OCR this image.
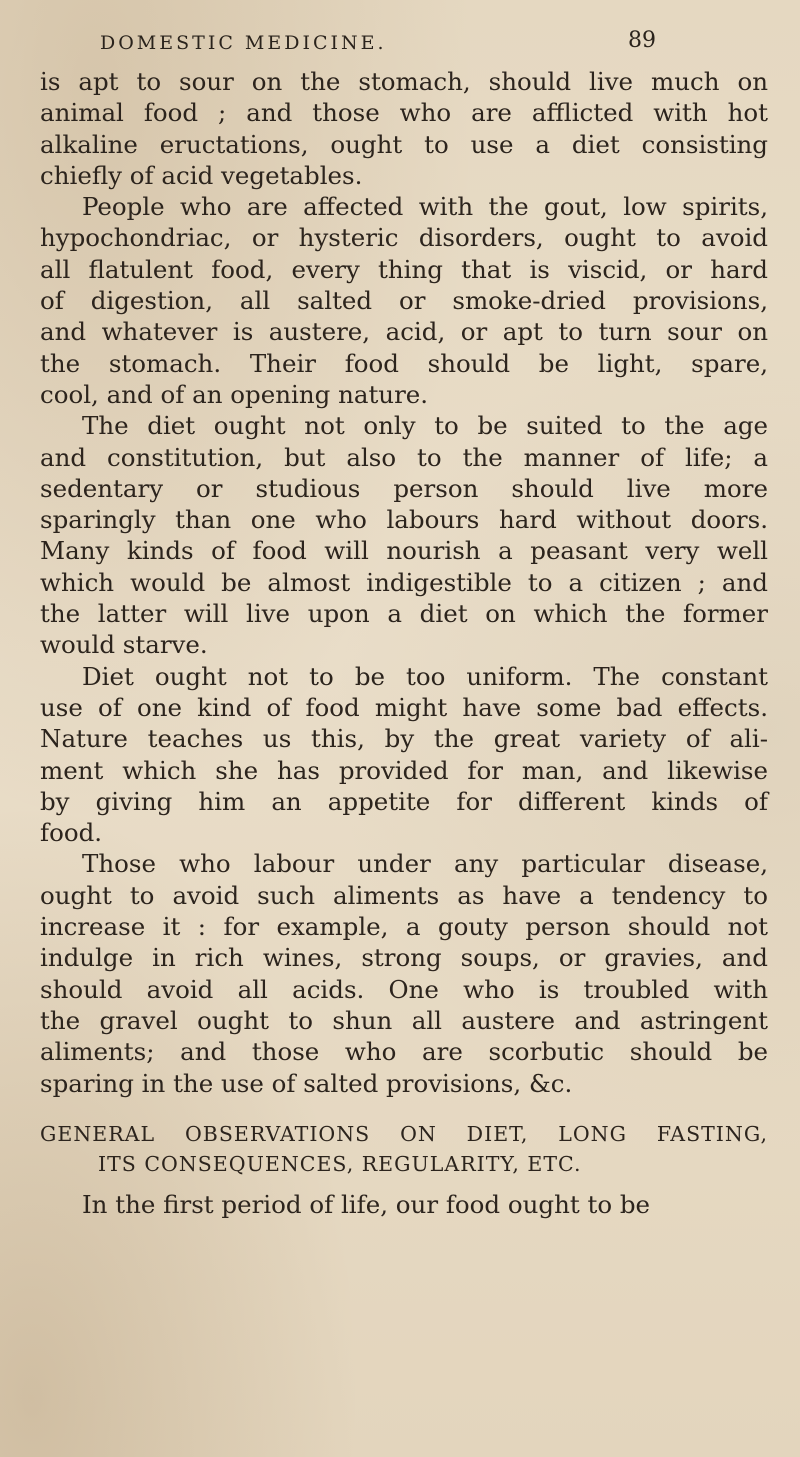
DOMESTIC MEDICINE.	89
is apt to sour on the stomach, should live much on
animal food ; and those who are afflicted with hot
alkaline eructations, ought to use a diet consisting
chiefly of acid vegetables.
People who are affected with the gout, low spirits,
hypochondriac, or hysteric disorders, ought to avoid
all flatulent food, every thing that is viscid, or hard
of digestion, all salted or smoke-dried provisions,
and whatever is austere, acid, or apt to turn sour on
the stomach. Their food should be light, spare,
cool, and of an opening nature.
The diet ought not only to be suited to the age
and constitution, but also to the manner of life; a
sedentary or studious person should live more
sparingly than one who labours hard without doors.
Many kinds of food will nourish a peasant very well
which would be almost indigestible to a citizen ; and
the latter will live upon a diet on which the former
would starve.
Diet ought not to be too uniform. The constant
use of one kind of food might have some bad effects.
Nature teaches us this, by the great variety of ali-
ment which she has provided for man, and likewise
by giving him an appetite for different kinds of
food.
Those who labour under any particular disease,
ought to avoid such aliments as have a tendency to
increase it : for example, a gouty person should not
indulge in rich wines, strong soups, or gravies, and
should avoid all acids. One who is troubled with
the gravel ought to shun all austere and astringent
aliments; and those who are scorbutic should be
sparing in the use of salted provisions, &c.
GENERAL OBSERVATIONS ON DIET, LONG FASTING,
ITS CONSEQUENCES, REGULARITY, ETC.
In the first period of life, our food ought to be
